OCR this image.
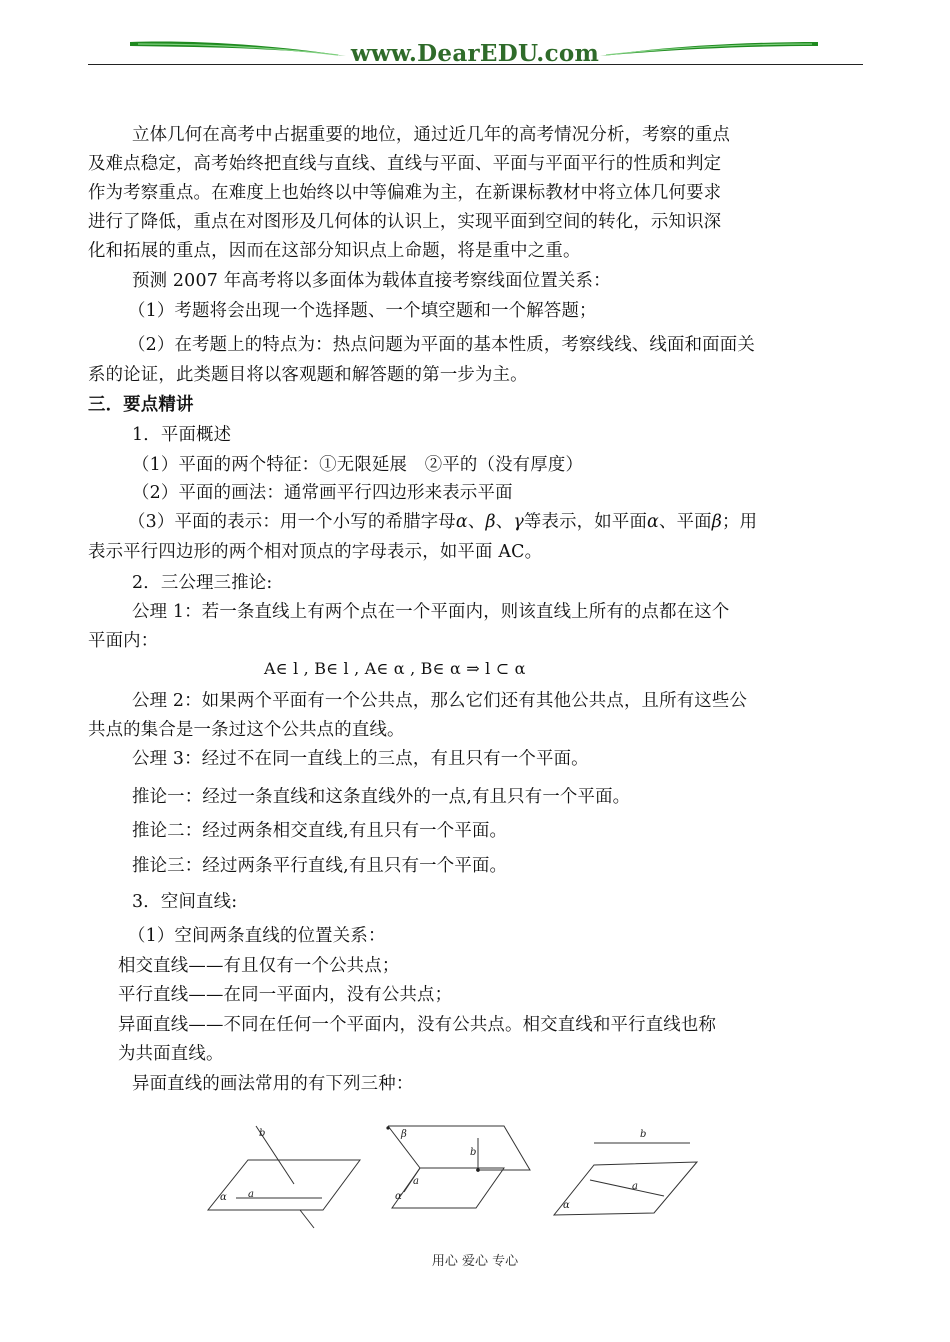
www.DearEDU.com
立体几何在高考中占据重要的地位，通过近几年的高考情况分析，考察的重点
及难点稳定，高考始终把直线与直线、直线与平面、平面与平面平行的性质和判定
作为考察重点。在难度上也始终以中等偏难为主，在新课标教材中将立体几何要求
进行了降低，重点在对图形及几何体的认识上，实现平面到空间的转化，示知识深
化和拓展的重点，因而在这部分知识点上命题，将是重中之重。
预测 2007 年高考将以多面体为载体直接考察线面位置关系：
（1）考题将会出现一个选择题、一个填空题和一个解答题；
（2）在考题上的特点为：热点问题为平面的基本性质，考察线线、线面和面面关
系的论证，此类题目将以客观题和解答题的第一步为主。
三．要点精讲
1．平面概述
（1）平面的两个特征：①无限延展　②平的（没有厚度）
（2）平面的画法：通常画平行四边形来表示平面
（3）平面的表示：用一个小写的希腊字母α、β、γ等表示，如平面α、平面β；用
表示平行四边形的两个相对顶点的字母表示，如平面 AC。
2．三公理三推论:
公理 1：若一条直线上有两个点在一个平面内，则该直线上所有的点都在这个
平面内：
A∈ l , B∈ l , A∈ α , B∈ α ⇒ l ⊂ α
公理 2：如果两个平面有一个公共点，那么它们还有其他公共点，且所有这些公
共点的集合是一条过这个公共点的直线。
公理 3：经过不在同一直线上的三点，有且只有一个平面。
推论一：经过一条直线和这条直线外的一点,有且只有一个平面。
推论二：经过两条相交直线,有且只有一个平面。
推论三：经过两条平行直线,有且只有一个平面。
3．空间直线:
（1）空间两条直线的位置关系：
相交直线——有且仅有一个公共点；
平行直线——在同一平面内，没有公共点；
异面直线——不同在任何一个平面内，没有公共点。相交直线和平行直线也称
为共面直线。
异面直线的画法常用的有下列三种：
b
a
α
β
b
a
α
b
a
α
用心 爱心 专心
